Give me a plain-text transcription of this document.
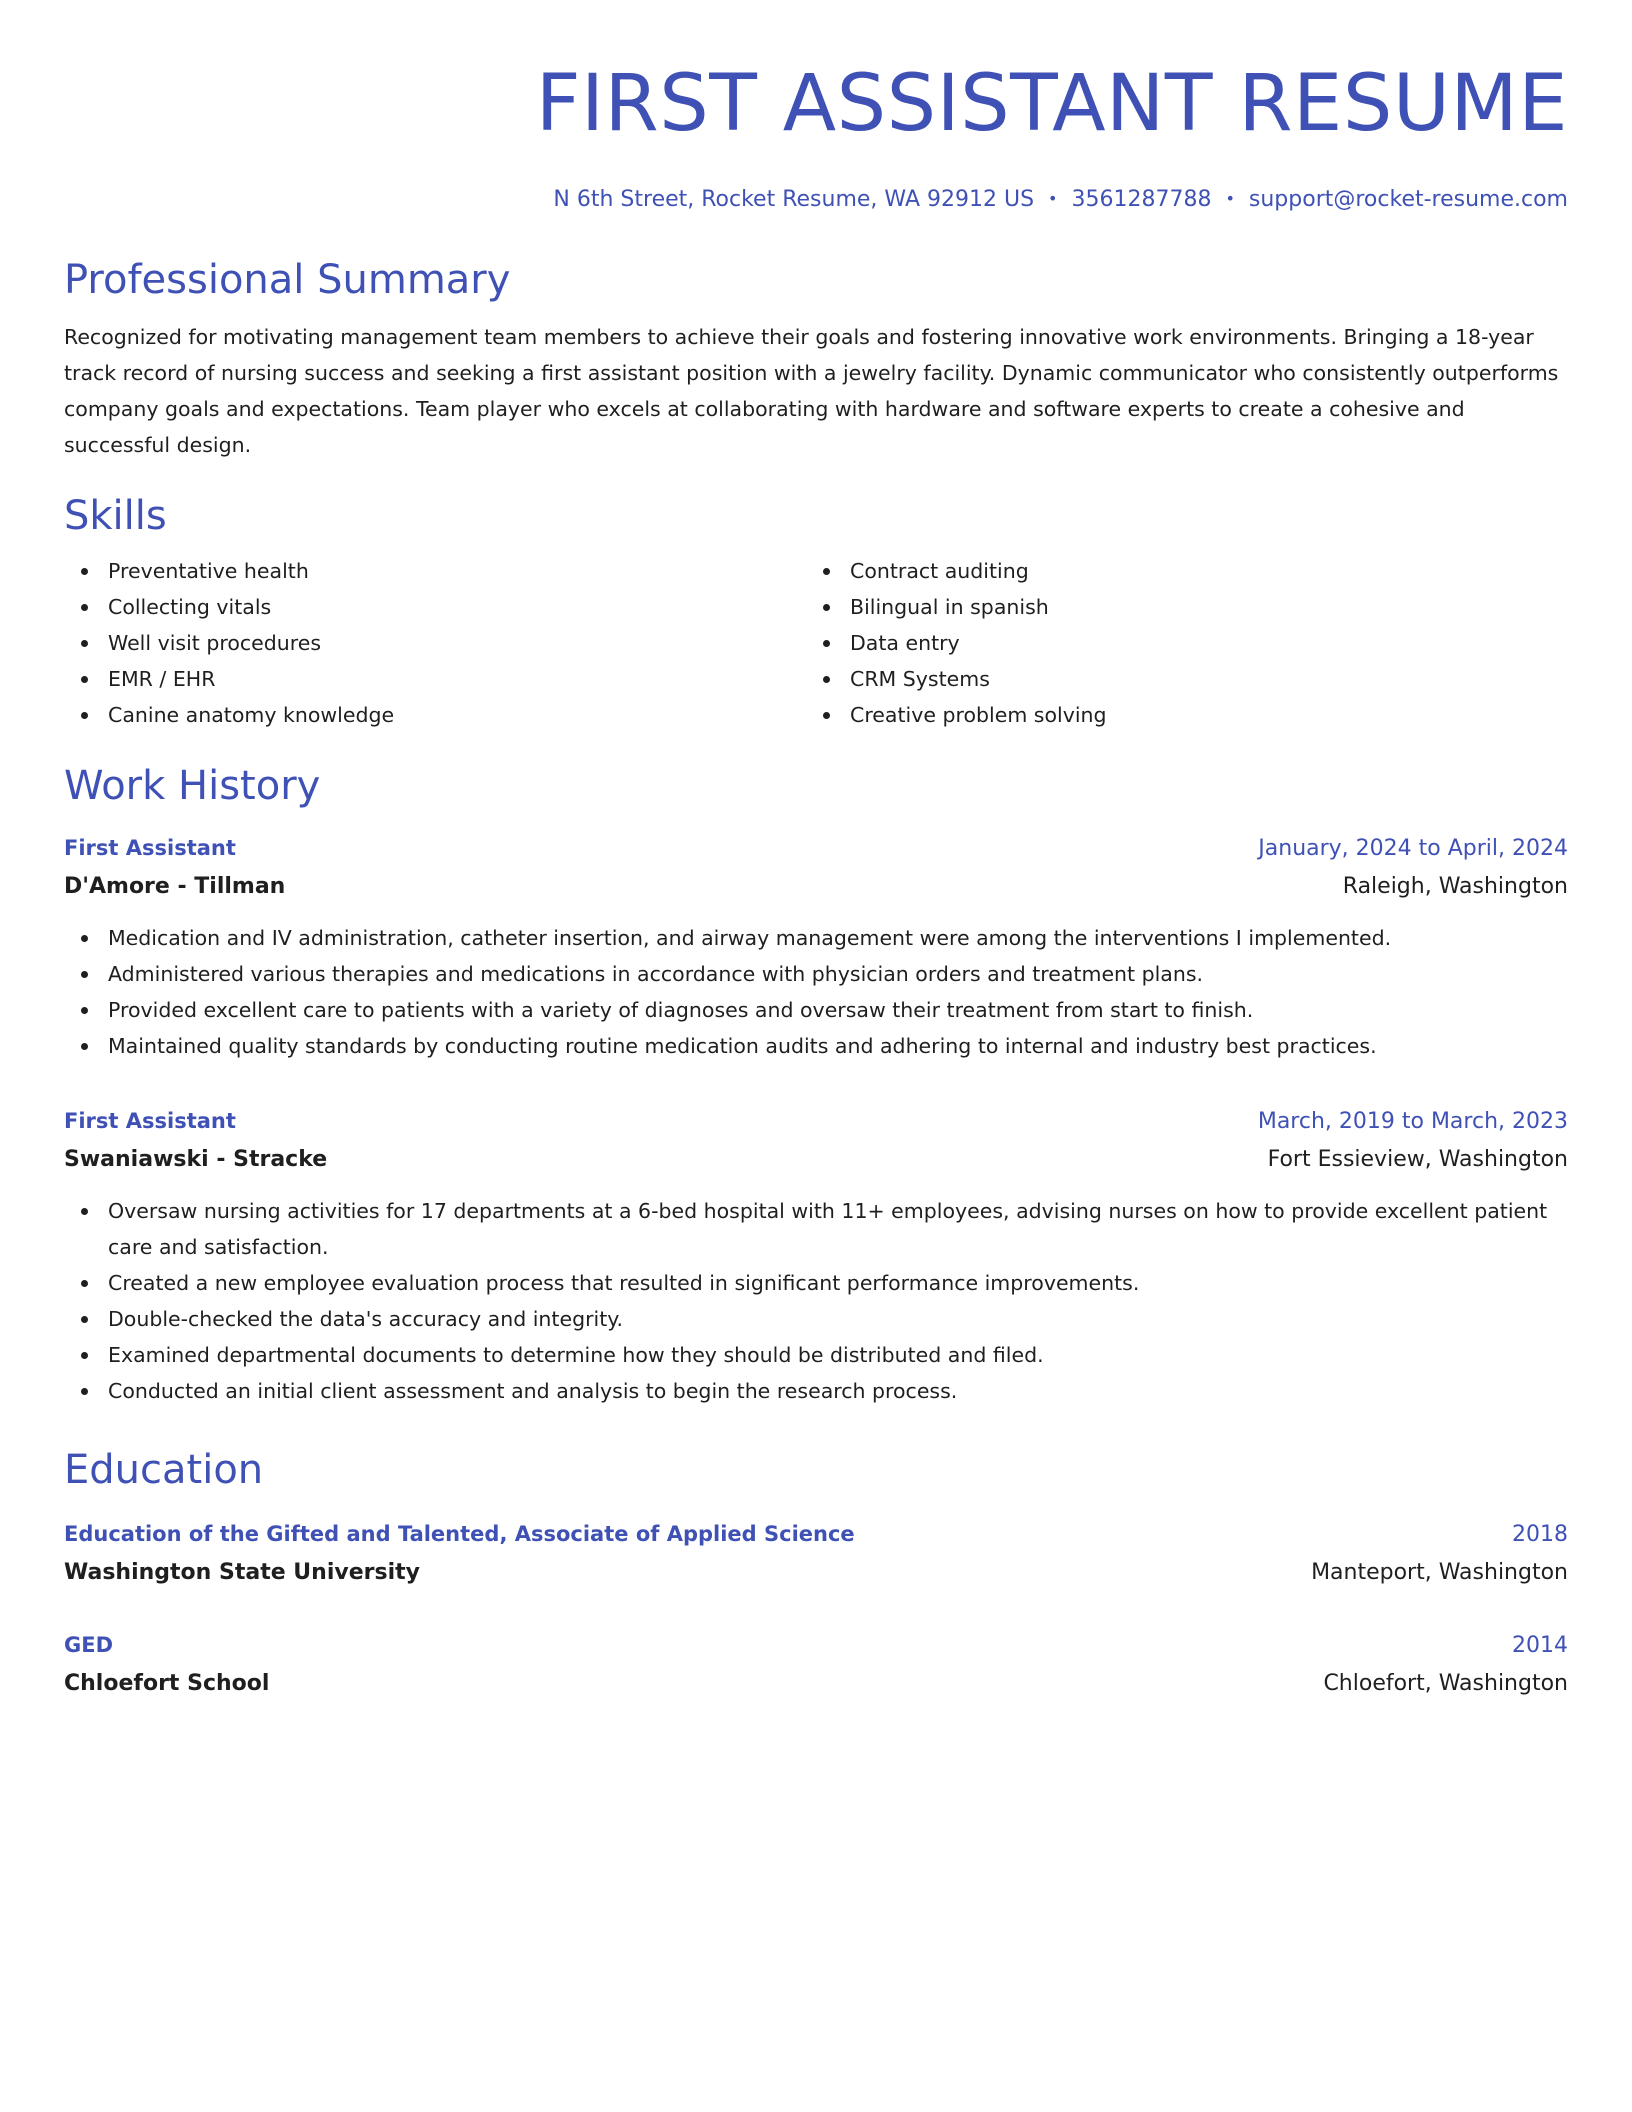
FIRST ASSISTANT RESUME
N 6th Street, Rocket Resume, WA 92912 US • 3561287788 • support@rocket-resume.com
Professional Summary

Recognized for motivating management team members to achieve their goals and fostering innovative work environments. Bringing a 18-year track record of nursing success and seeking a first assistant position with a jewelry facility. Dynamic communicator who consistently outperforms company goals and expectations. Team player who excels at collaborating with hardware and software experts to create a cohesive and successful design.

Skills
Preventative health
Collecting vitals
Well visit procedures
EMR / EHR
Canine anatomy knowledge
Contract auditing
Bilingual in spanish
Data entry
CRM Systems
Creative problem solving
Work History
First Assistant	January, 2024 to April, 2024
D'Amore - Tillman	Raleigh, Washington
Medication and IV administration, catheter insertion, and airway management were among the interventions I implemented.
Administered various therapies and medications in accordance with physician orders and treatment plans.
Provided excellent care to patients with a variety of diagnoses and oversaw their treatment from start to finish.
Maintained quality standards by conducting routine medication audits and adhering to internal and industry best practices.
First Assistant	March, 2019 to March, 2023
Swaniawski - Stracke	Fort Essieview, Washington
Oversaw nursing activities for 17 departments at a 6-bed hospital with 11+ employees, advising nurses on how to provide excellent patient care and satisfaction.
Created a new employee evaluation process that resulted in significant performance improvements.
Double-checked the data's accuracy and integrity.
Examined departmental documents to determine how they should be distributed and filed.
Conducted an initial client assessment and analysis to begin the research process.
Education
Education of the Gifted and Talented, Associate of Applied Science	2018
Washington State University	Manteport, Washington
GED	2014
Chloefort School	Chloefort, Washington
